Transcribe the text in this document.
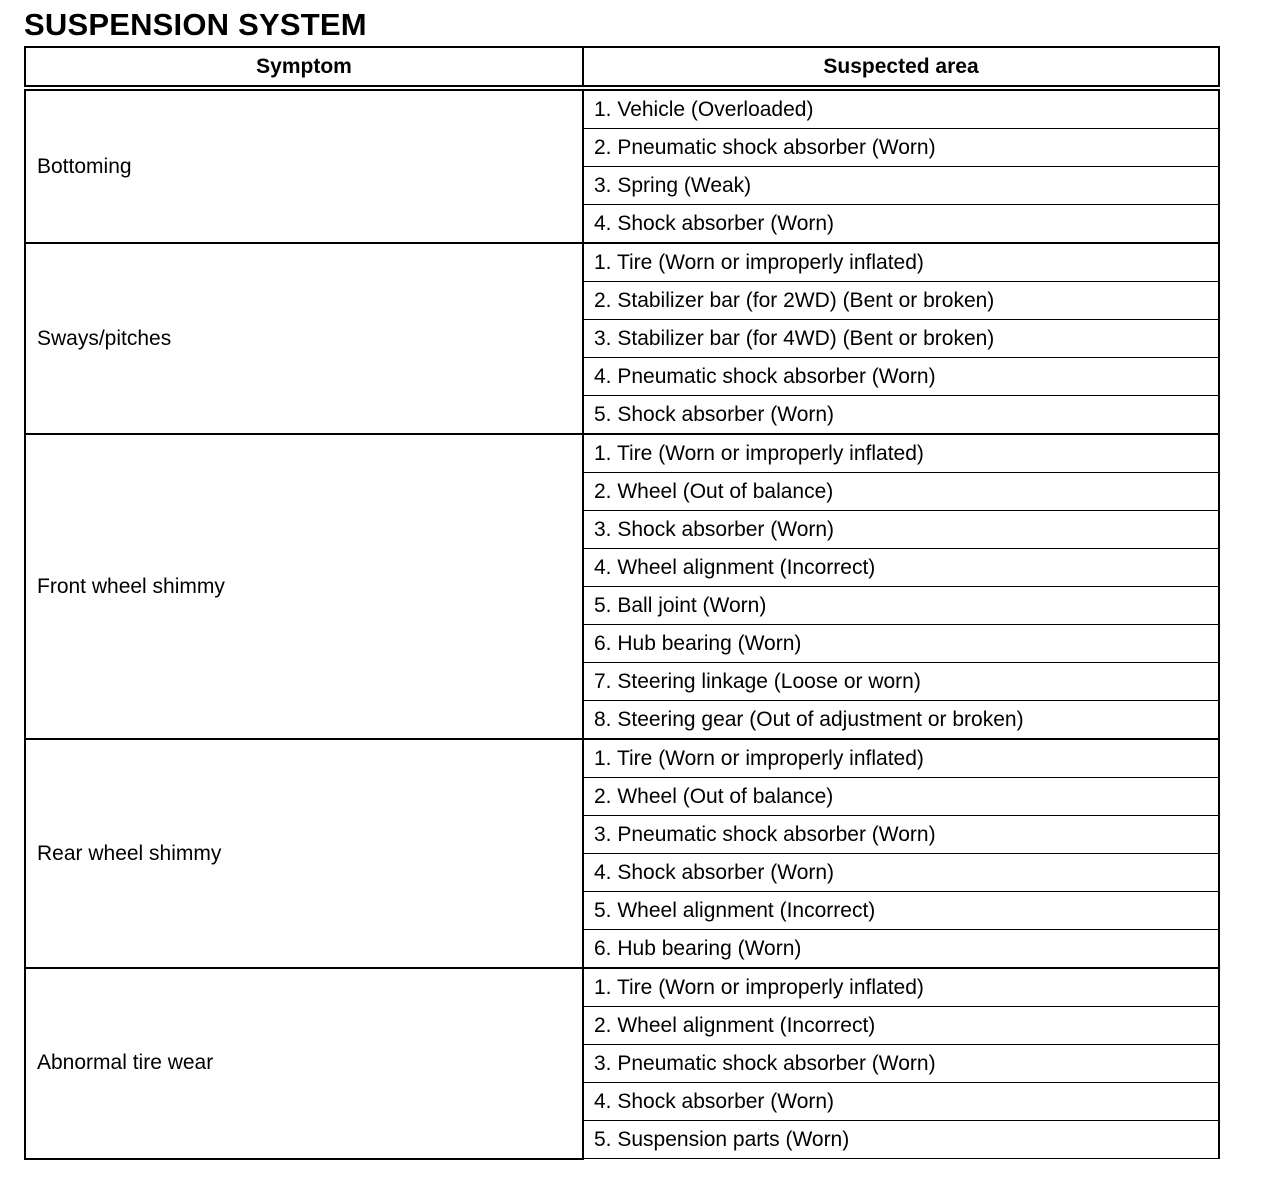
SUSPENSION SYSTEM
Symptom	Suspected area
Bottoming	1. Vehicle (Overloaded)
	2. Pneumatic shock absorber (Worn)
	3. Spring (Weak)
	4. Shock absorber (Worn)
Sways/pitches	1. Tire (Worn or improperly inflated)
	2. Stabilizer bar (for 2WD) (Bent or broken)
	3. Stabilizer bar (for 4WD) (Bent or broken)
	4. Pneumatic shock absorber (Worn)
	5. Shock absorber (Worn)
Front wheel shimmy	1. Tire (Worn or improperly inflated)
	2. Wheel (Out of balance)
	3. Shock absorber (Worn)
	4. Wheel alignment (Incorrect)
	5. Ball joint (Worn)
	6. Hub bearing (Worn)
	7. Steering linkage (Loose or worn)
	8. Steering gear (Out of adjustment or broken)
Rear wheel shimmy	1. Tire (Worn or improperly inflated)
	2. Wheel (Out of balance)
	3. Pneumatic shock absorber (Worn)
	4. Shock absorber (Worn)
	5. Wheel alignment (Incorrect)
	6. Hub bearing (Worn)
Abnormal tire wear	1. Tire (Worn or improperly inflated)
	2. Wheel alignment (Incorrect)
	3. Pneumatic shock absorber (Worn)
	4. Shock absorber (Worn)
	5. Suspension parts (Worn)
